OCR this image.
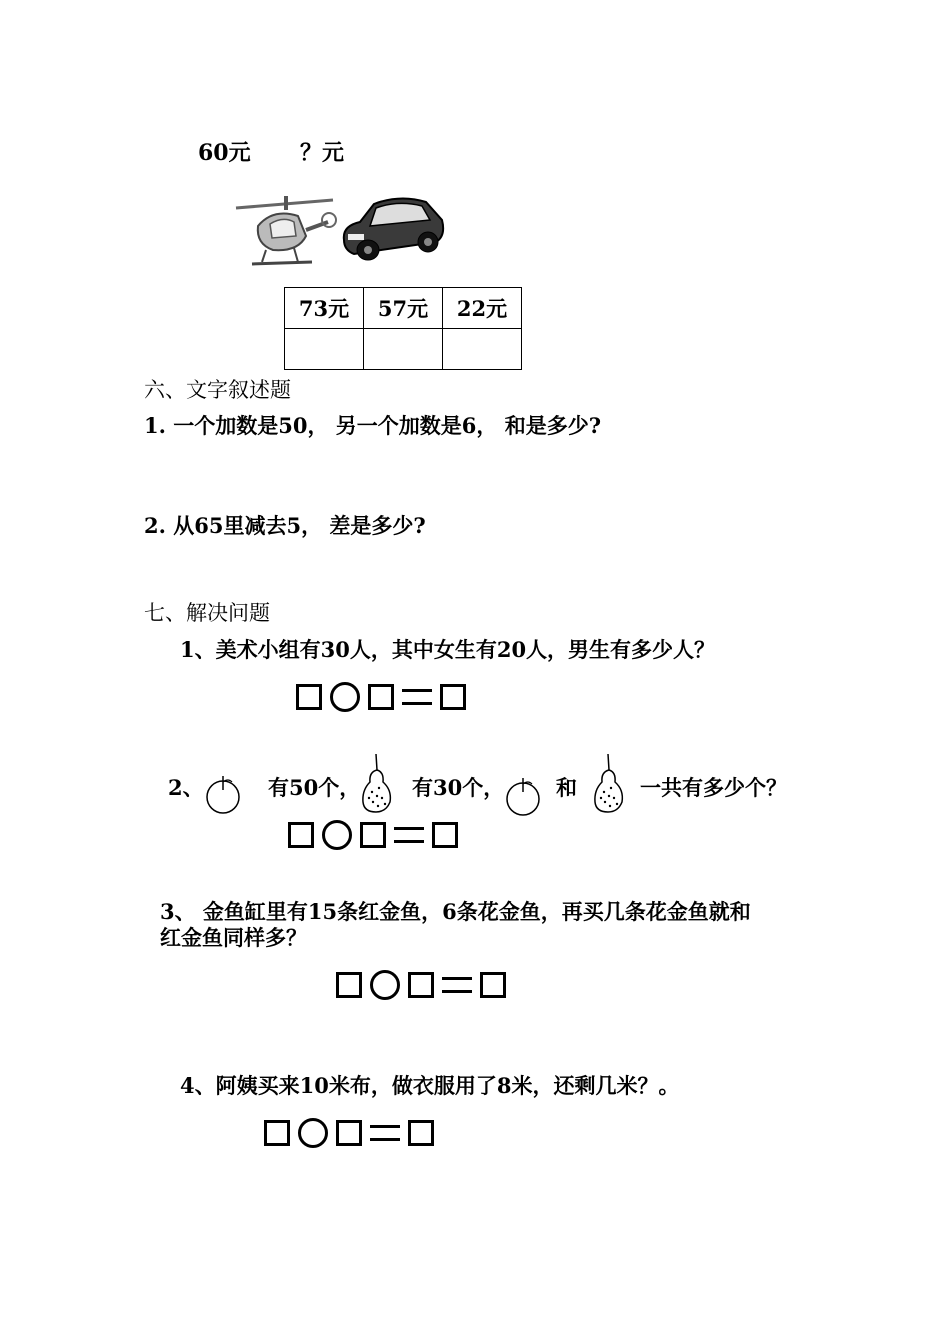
60元 ？元
73元	57元	22元

六、文字叙述题
1. 一个加数是50， 另一个加数是6， 和是多少?
2. 从65里减去5， 差是多少?
七、解决问题
1、美术小组有30人，其中女生有20人，男生有多少人？
2、	有50个， 有30个， 和	一共有多少个？
3、 金鱼缸里有15条红金鱼，6条花金鱼，再买几条花金鱼就和
红金鱼同样多？
4、阿姨买来10米布，做衣服用了8米，还剩几米？。
